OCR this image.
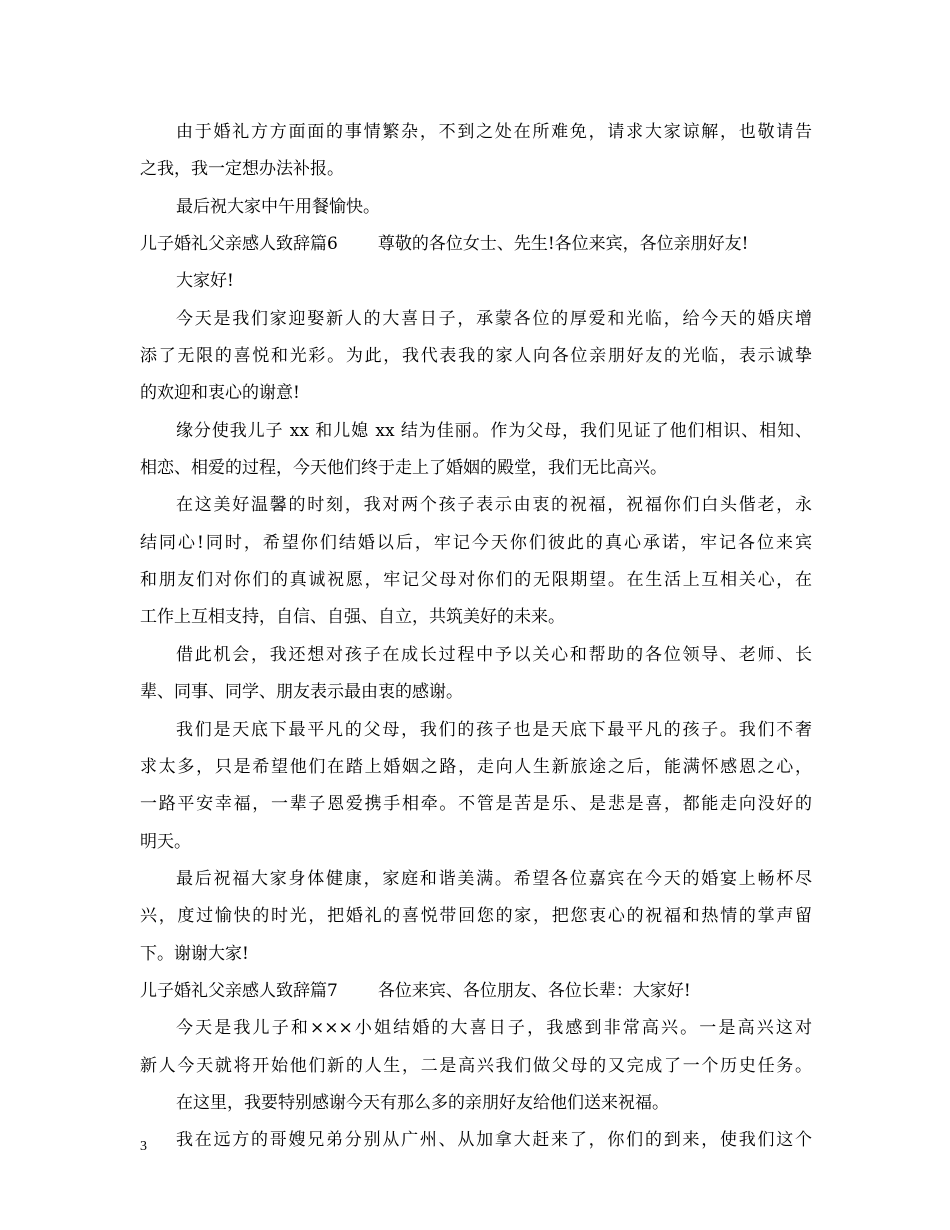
由于婚礼方方面面的事情繁杂，不到之处在所难免，请求大家谅解，也敬请告
之我，我一定想办法补报。
最后祝大家中午用餐愉快。
儿子婚礼父亲感人致辞篇6 尊敬的各位女士、先生!各位来宾，各位亲朋好友!
大家好!
今天是我们家迎娶新人的大喜日子，承蒙各位的厚爱和光临，给今天的婚庆增
添了无限的喜悦和光彩。为此，我代表我的家人向各位亲朋好友的光临，表示诚挚
的欢迎和衷心的谢意!
缘分使我儿子 xx 和儿媳 xx 结为佳丽。作为父母，我们见证了他们相识、相知、
相恋、相爱的过程，今天他们终于走上了婚姻的殿堂，我们无比高兴。
在这美好温馨的时刻，我对两个孩子表示由衷的祝福，祝福你们白头偕老，永
结同心!同时，希望你们结婚以后，牢记今天你们彼此的真心承诺，牢记各位来宾
和朋友们对你们的真诚祝愿，牢记父母对你们的无限期望。在生活上互相关心，在
工作上互相支持，自信、自强、自立，共筑美好的未来。
借此机会，我还想对孩子在成长过程中予以关心和帮助的各位领导、老师、长
辈、同事、同学、朋友表示最由衷的感谢。
我们是天底下最平凡的父母，我们的孩子也是天底下最平凡的孩子。我们不奢
求太多，只是希望他们在踏上婚姻之路，走向人生新旅途之后，能满怀感恩之心，
一路平安幸福，一辈子恩爱携手相牵。不管是苦是乐、是悲是喜，都能走向没好的
明天。
最后祝福大家身体健康，家庭和谐美满。希望各位嘉宾在今天的婚宴上畅杯尽
兴，度过愉快的时光，把婚礼的喜悦带回您的家，把您衷心的祝福和热情的掌声留
下。谢谢大家!
儿子婚礼父亲感人致辞篇7 各位来宾、各位朋友、各位长辈：大家好!
今天是我儿子和×××小姐结婚的大喜日子，我感到非常高兴。一是高兴这对
新人今天就将开始他们新的人生，二是高兴我们做父母的又完成了一个历史任务。
在这里，我要特别感谢今天有那么多的亲朋好友给他们送来祝福。
我在远方的哥嫂兄弟分别从广州、从加拿大赶来了，你们的到来，使我们这个
3
